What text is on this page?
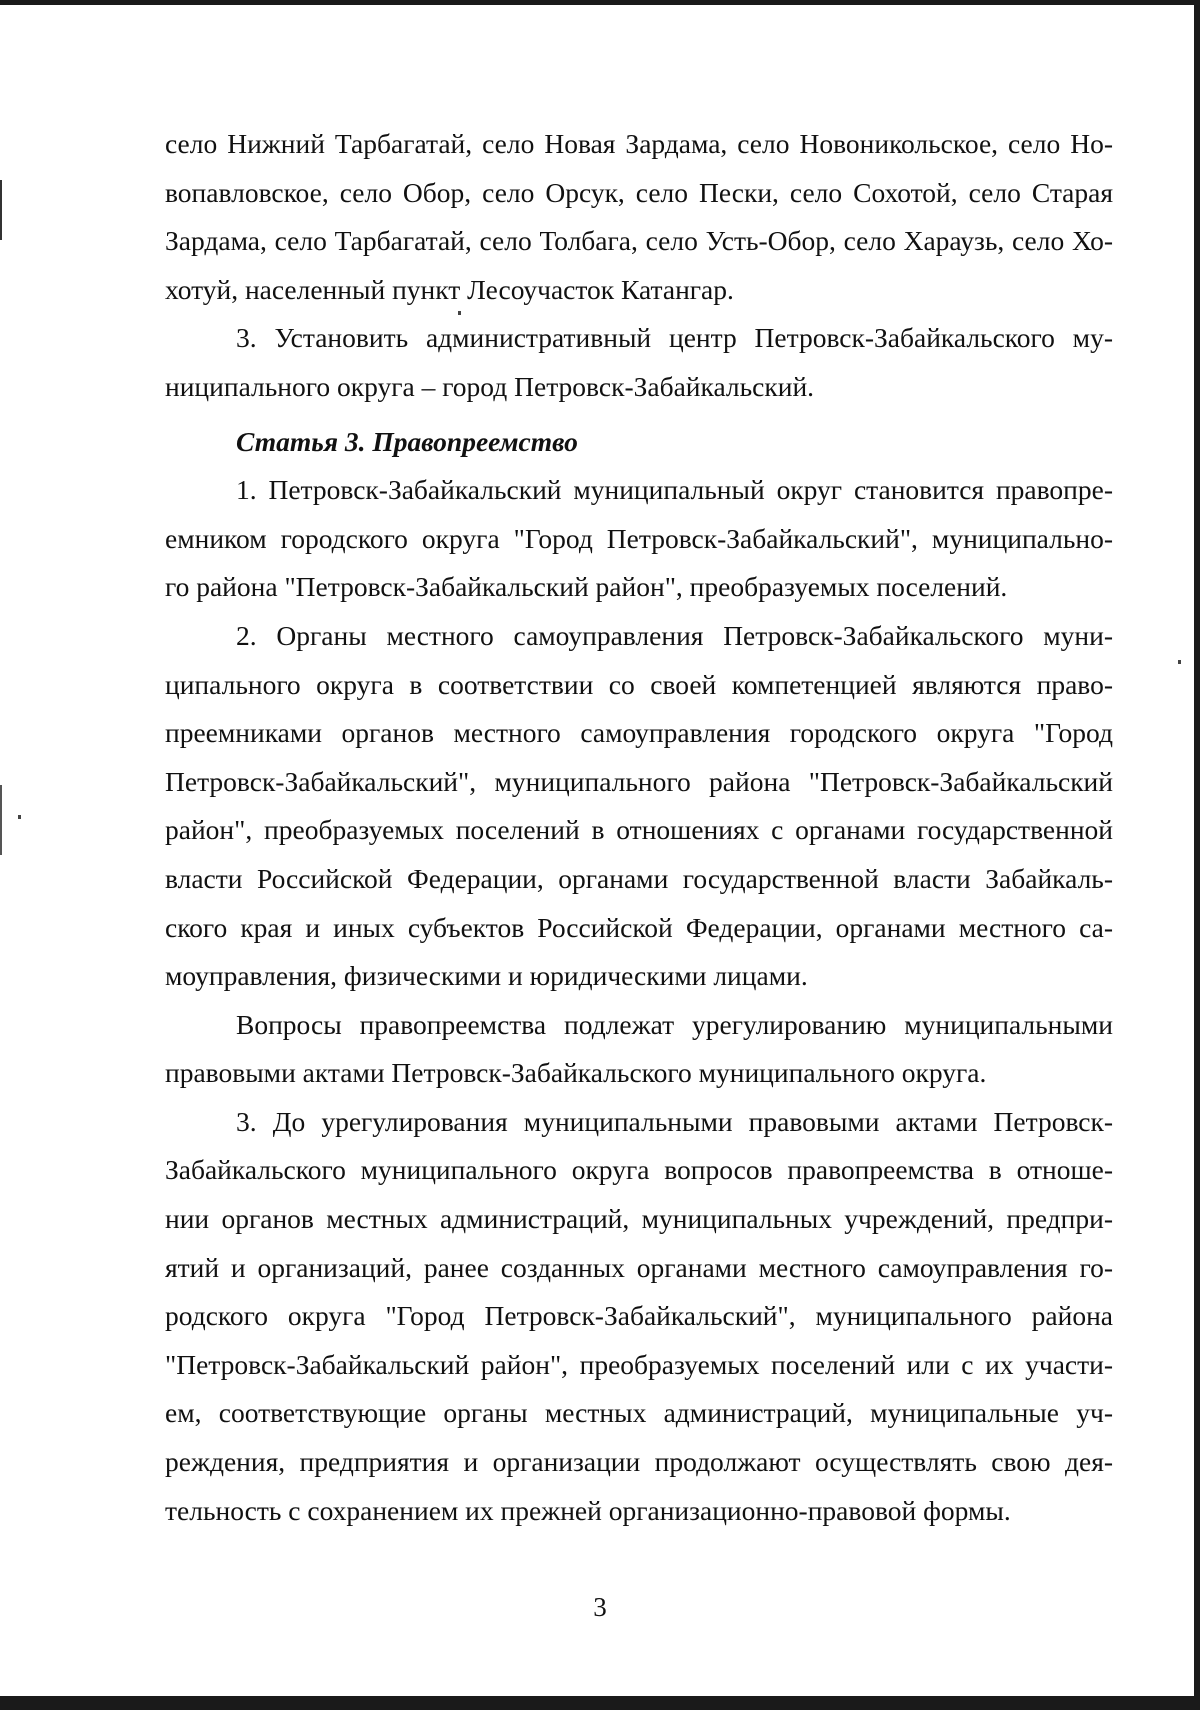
село Нижний Тарбагатай, село Новая Зардама, село Новоникольское, село Но-
вопавловское, село Обор, село Орсук, село Пески, село Сохотой, село Старая
Зардама, село Тарбагатай, село Толбага, село Усть-Обор, село Хараузь, село Хо-
хотуй, населенный пункт Лесоучасток Катангар.

3. Установить административный центр Петровск-Забайкальского му-
ниципального округа – город Петровск-Забайкальский.

Статья 3. Правопреемство

1. Петровск-Забайкальский муниципальный округ становится правопре-
емником городского округа "Город Петровск-Забайкальский", муниципально-
го района "Петровск-Забайкальский район", преобразуемых поселений.

2. Органы местного самоуправления Петровск-Забайкальского муни-
ципального округа в соответствии со своей компетенцией являются право-
преемниками органов местного самоуправления городского округа "Город
Петровск-Забайкальский", муниципального района "Петровск-Забайкальский
район", преобразуемых поселений в отношениях с органами государственной
власти Российской Федерации, органами государственной власти Забайкаль-
ского края и иных субъектов Российской Федерации, органами местного са-
моуправления, физическими и юридическими лицами.

Вопросы правопреемства подлежат урегулированию муниципальными
правовыми актами Петровск-Забайкальского муниципального округа.

3. До урегулирования муниципальными правовыми актами Петровск-
Забайкальского муниципального округа вопросов правопреемства в отноше-
нии органов местных администраций, муниципальных учреждений, предпри-
ятий и организаций, ранее созданных органами местного самоуправления го-
родского округа "Город Петровск-Забайкальский", муниципального района
"Петровск-Забайкальский район", преобразуемых поселений или с их участи-
ем, соответствующие органы местных администраций, муниципальные уч-
реждения, предприятия и организации продолжают осуществлять свою дея-
тельность с сохранением их прежней организационно-правовой формы.

3
